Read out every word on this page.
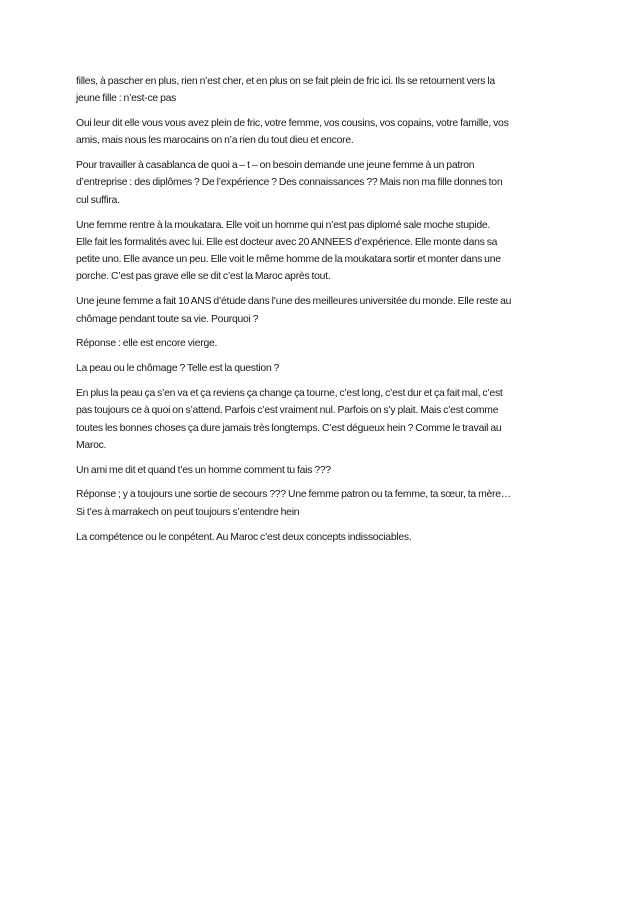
filles, à pascher en plus, rien n’est cher, et en plus on se fait plein de fric ici. Ils se retournent vers la
jeune fille : n’est-ce pas

Oui leur dit elle vous vous avez plein de fric, votre femme, vos cousins, vos copains, votre famille, vos
amis, mais nous les marocains on n’a rien du tout dieu et encore.

Pour travailler à casablanca de quoi a – t – on besoin demande une jeune femme à un patron
d’entreprise : des diplômes ? De l’expérience ? Des connaissances ?? Mais non ma fille donnes ton
cul suffira.

Une femme rentre à la moukatara. Elle voit un homme qui n’est pas diplomé sale moche stupide.
Elle fait les formalités avec lui. Elle est docteur avec 20 ANNEES d’expérience. Elle monte dans sa
petite uno. Elle avance un peu. Elle voit le même homme de la moukatara sortir et monter dans une
porche. C’est pas grave elle se dit c’est la Maroc après tout.

Une jeune femme a fait 10 ANS d’étude dans l’une des meilleures universitée du monde. Elle reste au
chômage pendant toute sa vie. Pourquoi ?

Réponse : elle est encore vierge.

La peau ou le chômage ? Telle est la question ?

En plus la peau ça s’en va et ça reviens ça change ça tourne, c’est long, c’est dur et ça fait mal, c’est
pas toujours ce à quoi on s’attend. Parfois c’est vraiment nul. Parfois on s’y plait. Mais c’est comme
toutes les bonnes choses ça dure jamais très longtemps. C’est dégueux hein ? Comme le travail au
Maroc.

Un ami me dit et quand t’es un homme comment tu fais ???

Réponse ; y a toujours une sortie de secours ??? Une femme patron ou ta femme, ta sœur, ta mère…
Si t’es à marrakech on peut toujours s’entendre hein

La compétence ou le conpétent. Au Maroc c’est deux concepts indissociables.
